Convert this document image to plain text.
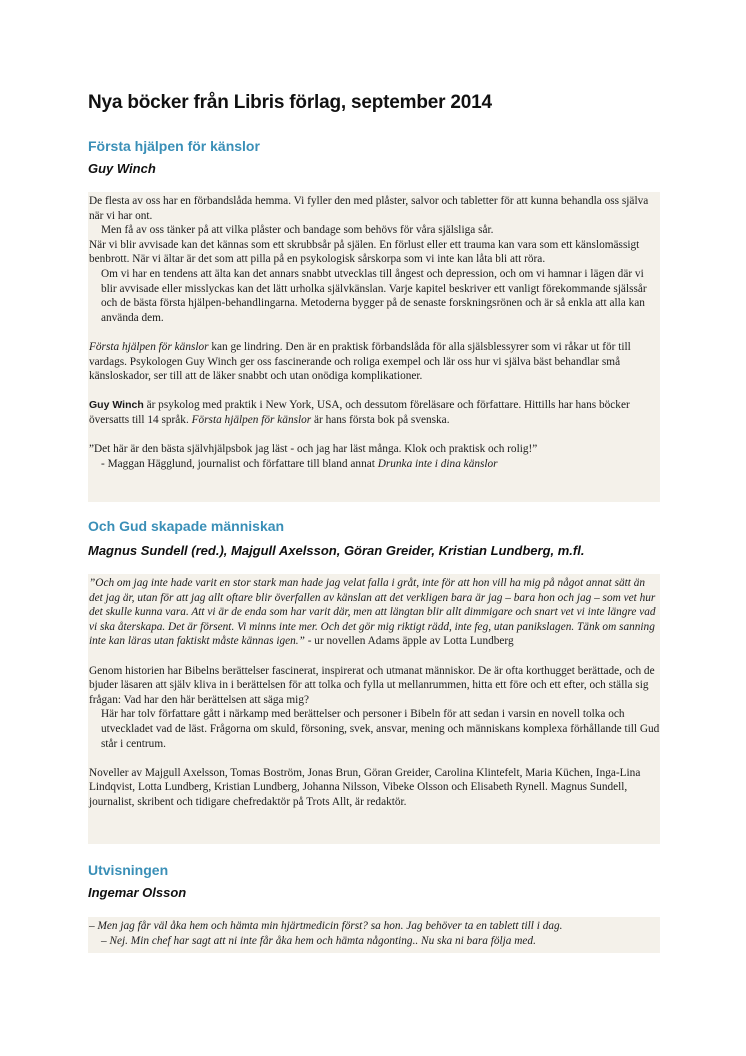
Nya böcker från Libris förlag, september 2014
Första hjälpen för känslor
Guy Winch

De flesta av oss har en förbandslåda hemma. Vi fyller den med plåster, salvor och tabletter för att kunna behandla oss själva när vi har ont.

Men få av oss tänker på att vilka plåster och bandage som behövs för våra själsliga sår.

När vi blir avvisade kan det kännas som ett skrubbsår på själen. En förlust eller ett trauma kan vara som ett känslomässigt benbrott. När vi ältar är det som att pilla på en psykologisk sårskorpa som vi inte kan låta bli att röra.

Om vi har en tendens att älta kan det annars snabbt utvecklas till ångest och depression, och om vi hamnar i lägen där vi blir avvisade eller misslyckas kan det lätt urholka självkänslan. Varje kapitel beskriver ett vanligt förekommande själssår och de bästa första hjälpen-behandlingarna. Metoderna bygger på de senaste forskningsrönen och är så enkla att alla kan använda dem.

Första hjälpen för känslor kan ge lindring. Den är en praktisk förbandslåda för alla själsblessyrer som vi råkar ut för till vardags. Psykologen Guy Winch ger oss fascinerande och roliga exempel och lär oss hur vi själva bäst behandlar små känsloskador, ser till att de läker snabbt och utan onödiga komplikationer.

Guy Winch är psykolog med praktik i New York, USA, och dessutom föreläsare och författare. Hittills har hans böcker översatts till 14 språk. Första hjälpen för känslor är hans första bok på svenska.

”Det här är den bästa självhjälpsbok jag läst - och jag har läst många. Klok och praktisk och rolig!”

- Maggan Hägglund, journalist och författare till bland annat Drunka inte i dina känslor

Och Gud skapade människan
Magnus Sundell (red.), Majgull Axelsson, Göran Greider, Kristian Lundberg, m.fl.

”Och om jag inte hade varit en stor stark man hade jag velat falla i gråt, inte för att hon vill ha mig på något annat sätt än det jag är, utan för att jag allt oftare blir överfallen av känslan att det verkligen bara är jag – bara hon och jag – som vet hur det skulle kunna vara. Att vi är de enda som har varit där, men att längtan blir allt dimmigare och snart vet vi inte längre vad vi ska återskapa. Det är försent. Vi minns inte mer. Och det gör mig riktigt rädd, inte feg, utan panikslagen. Tänk om sanning inte kan läras utan faktiskt måste kännas igen.” - ur novellen Adams äpple av Lotta Lundberg

Genom historien har Bibelns berättelser fascinerat, inspirerat och utmanat människor. De är ofta korthugget berättade, och de bjuder läsaren att själv kliva in i berättelsen för att tolka och fylla ut mellanrummen, hitta ett före och ett efter, och ställa sig frågan: Vad har den här berättelsen att säga mig?

Här har tolv författare gått i närkamp med berättelser och personer i Bibeln för att sedan i varsin en novell tolka och utveckladet vad de läst. Frågorna om skuld, försoning, svek, ansvar, mening och människans komplexa förhållande till Gud står i centrum.

Noveller av Majgull Axelsson, Tomas Boström, Jonas Brun, Göran Greider, Carolina Klintefelt, Maria Küchen, Inga-Lina Lindqvist, Lotta Lundberg, Kristian Lundberg, Johanna Nilsson, Vibeke Olsson och Elisabeth Rynell. Magnus Sundell, journalist, skribent och tidigare chefredaktör på Trots Allt, är redaktör.

Utvisningen
Ingemar Olsson

– Men jag får väl åka hem och hämta min hjärtmedicin först? sa hon. Jag behöver ta en tablett till i dag.

– Nej. Min chef har sagt att ni inte får åka hem och hämta någonting.. Nu ska ni bara följa med.
